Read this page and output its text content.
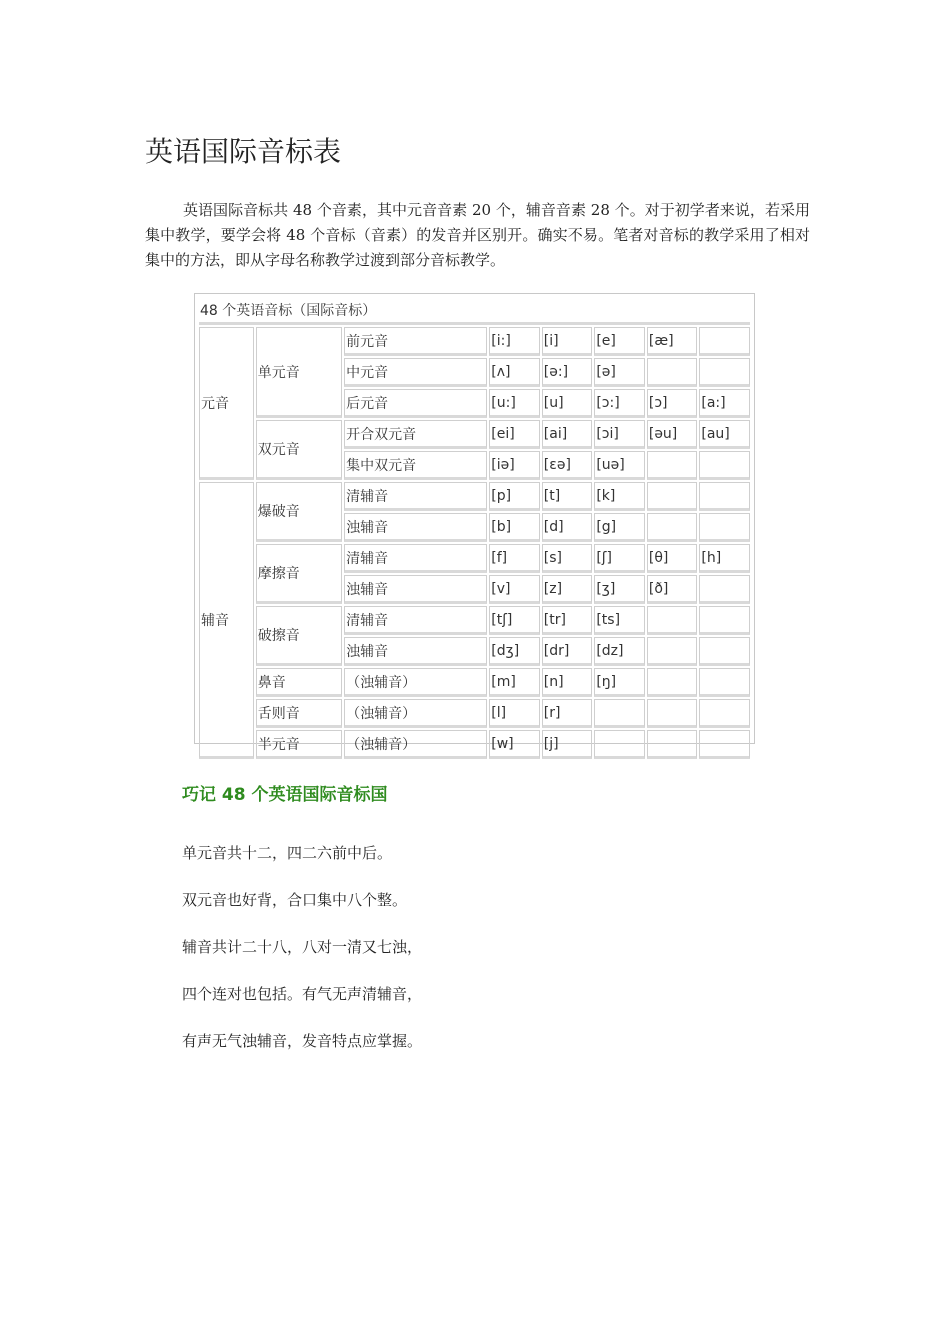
英语国际音标表

英语国际音标共 48 个音素，其中元音音素 20 个，辅音音素 28 个。对于初学者来说，若采用集中教学，要学会将 48 个音标（音素）的发音并区别开。确实不易。笔者对音标的教学采用了相对集中的方法，即从字母名称教学过渡到部分音标教学。

48 个英语音标（国际音标）							
元音	单元音	前元音	[i:]	[i]	[e]	[æ]	
		中元音	[ʌ]	[ə:]	[ə]		
		后元音	[u:]	[u]	[ɔ:]	[ɔ]	[a:]
	双元音	开合双元音	[ei]	[ai]	[ɔi]	[əu]	[au]
		集中双元音	[iə]	[εə]	[uə]		
辅音	爆破音	清辅音	[p]	[t]	[k]		
		浊辅音	[b]	[d]	[g]		
	摩擦音	清辅音	[f]	[s]	[ʃ]	[θ]	[h]
		浊辅音	[v]	[z]	[ʒ]	[ð]	
	破擦音	清辅音	[tʃ]	[tr]	[ts]		
		浊辅音	[dʒ]	[dr]	[dz]		
	鼻音	（浊辅音）	[m]	[n]	[ŋ]		
	舌则音	（浊辅音）	[l]	[r]			
	半元音	（浊辅音）	[w]	[j]			
巧记 48 个英语国际音标国

单元音共十二，四二六前中后。

双元音也好背，合口集中八个整。

辅音共计二十八，八对一清又七浊，

四个连对也包括。有气无声清辅音，

有声无气浊辅音，发音特点应掌握。
